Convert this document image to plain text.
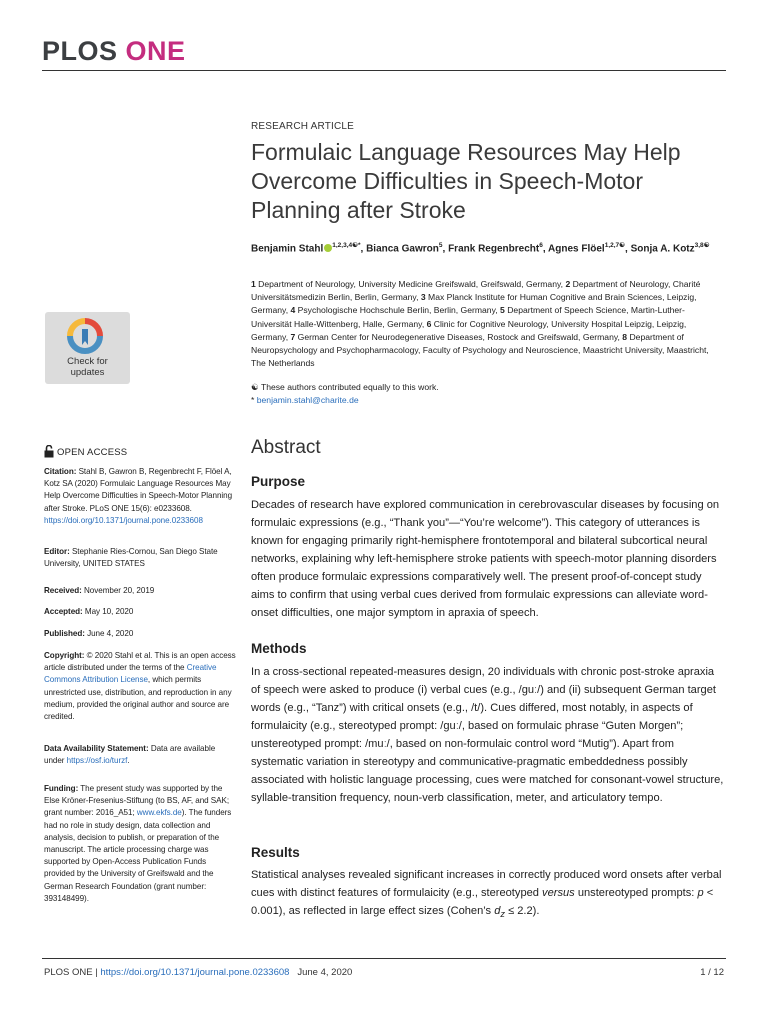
PLOS ONE
Check for
updates
RESEARCH ARTICLE
Formulaic Language Resources May Help Overcome Difficulties in Speech-Motor Planning after Stroke
Benjamin Stahl $^{1,2,3,4☯*}$, Bianca Gawron$^5$, Frank Regenbrecht$^6$, Agnes Flöel$^{1,2,7☯}$, Sonja A. Kotz$^{3,8☯}$
1 Department of Neurology, University Medicine Greifswald, Greifswald, Germany, 2 Department of Neurology, Charité Universitätsmedizin Berlin, Berlin, Germany, 3 Max Planck Institute for Human Cognitive and Brain Sciences, Leipzig, Germany, 4 Psychologische Hochschule Berlin, Berlin, Germany, 5 Department of Speech Science, Martin-Luther-Universität Halle-Wittenberg, Halle, Germany, 6 Clinic for Cognitive Neurology, University Hospital Leipzig, Leipzig, Germany, 7 German Center for Neurodegenerative Diseases, Rostock and Greifswald, Germany, 8 Department of Neuropsychology and Psychopharmacology, Faculty of Psychology and Neuroscience, Maastricht University, Maastricht, The Netherlands
☯ These authors contributed equally to this work.
* benjamin.stahl@charite.de
OPEN ACCESS
Citation: Stahl B, Gawron B, Regenbrecht F, Flöel A, Kotz SA (2020) Formulaic Language Resources May Help Overcome Difficulties in Speech-Motor Planning after Stroke. PLoS ONE 15(6): e0233608. https://doi.org/10.1371/journal.pone.0233608
Editor: Stephanie Ries-Cornou, San Diego State University, UNITED STATES
Received: November 20, 2019
Accepted: May 10, 2020
Published: June 4, 2020
Copyright: © 2020 Stahl et al. This is an open access article distributed under the terms of the Creative Commons Attribution License, which permits unrestricted use, distribution, and reproduction in any medium, provided the original author and source are credited.
Data Availability Statement: Data are available under https://osf.io/turzf.
Funding: The present study was supported by the Else Kröner-Fresenius-Stiftung (to BS, AF, and SAK; grant number: 2016_A51; www.ekfs.de). The funders had no role in study design, data collection and analysis, decision to publish, or preparation of the manuscript. The article processing charge was supported by Open-Access Publication Funds provided by the University of Greifswald and the German Research Foundation (grant number: 393148499).
Abstract
Purpose

Decades of research have explored communication in cerebrovascular diseases by focusing on formulaic expressions (e.g., “Thank you”—“You’re welcome”). This category of utterances is known for engaging primarily right-hemisphere frontotemporal and bilateral subcortical neural networks, explaining why left-hemisphere stroke patients with speech-motor planning disorders often produce formulaic expressions comparatively well. The present proof-of-concept study aims to confirm that using verbal cues derived from formulaic expressions can alleviate word-onset difficulties, one major symptom in apraxia of speech.

Methods

In a cross-sectional repeated-measures design, 20 individuals with chronic post-stroke apraxia of speech were asked to produce (i) verbal cues (e.g., /guː/) and (ii) subsequent German target words (e.g., “Tanz”) with critical onsets (e.g., /t/). Cues differed, most notably, in aspects of formulaicity (e.g., stereotyped prompt: /guː/, based on formulaic phrase “Guten Morgen”; unstereotyped prompt: /muː/, based on non-formulaic control word “Mutig”). Apart from systematic variation in stereotypy and communicative-pragmatic embeddedness possibly associated with holistic language processing, cues were matched for consonant-vowel structure, syllable-transition frequency, noun-verb classification, meter, and articulatory tempo.

Results

Statistical analyses revealed significant increases in correctly produced word onsets after verbal cues with distinct features of formulaicity (e.g., stereotyped versus unstereotyped prompts: p < 0.001), as reflected in large effect sizes (Cohen’s $d_z \le 2.2$).

PLOS ONE | https://doi.org/10.1371/journal.pone.0233608 June 4, 2020	1 / 12
